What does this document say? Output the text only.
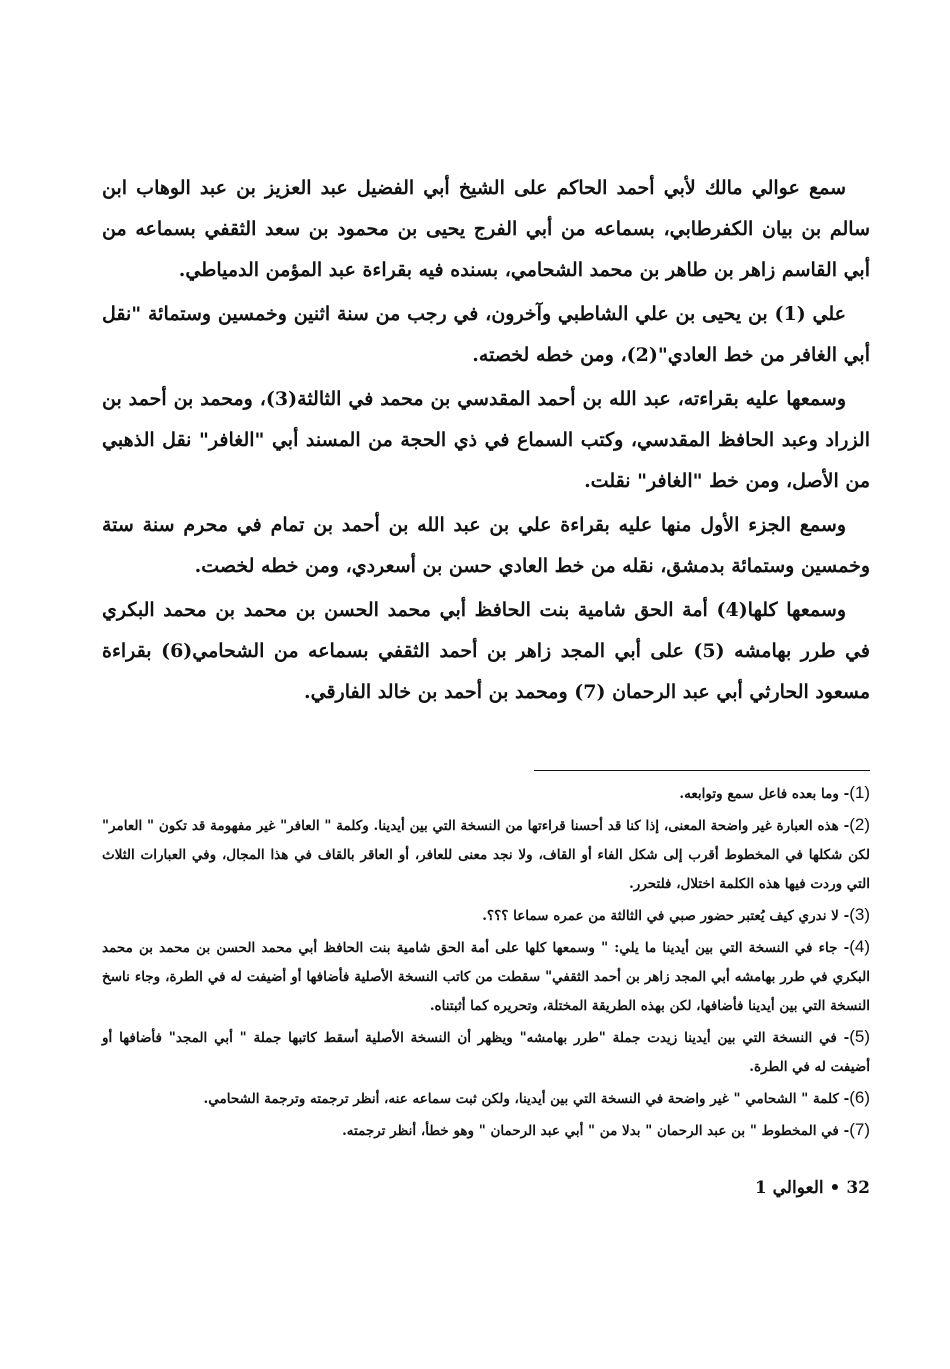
سمع عوالي مالك لأبي أحمد الحاكم على الشيخ أبي الفضيل عبد العزيز بن عبد الوهاب ابن سالم بن بيان الكفرطابي، بسماعه من أبي الفرج يحيى بن محمود بن سعد الثقفي بسماعه من أبي القاسم زاهر بن طاهر بن محمد الشحامي، بسنده فيه بقراءة عبد المؤمن الدمياطي.

علي (1) بن يحيى بن علي الشاطبي وآخرون، في رجب من سنة اثنين وخمسين وستمائة "نقل أبي الغافر من خط العادي"(2)، ومن خطه لخصته.

وسمعها عليه بقراءته، عبد الله بن أحمد المقدسي بن محمد في الثالثة(3)، ومحمد بن أحمد بن الزراد وعبد الحافظ المقدسي، وكتب السماع في ذي الحجة من المسند أبي "الغافر" نقل الذهبي من الأصل، ومن خط "الغافر" نقلت.

وسمع الجزء الأول منها عليه بقراءة علي بن عبد الله بن أحمد بن تمام في محرم سنة ستة وخمسين وستمائة بدمشق، نقله من خط العادي حسن بن أسعردي، ومن خطه لخصت.

وسمعها كلها(4) أمة الحق شامية بنت الحافظ أبي محمد الحسن بن محمد بن محمد البكري في طرر بهامشه (5) على أبي المجد زاهر بن أحمد الثقفي بسماعه من الشحامي(6) بقراءة مسعود الحارثي أبي عبد الرحمان (7) ومحمد بن أحمد بن خالد الفارقي.

(1)- وما بعده فاعل سمع وتوابعه.

(2)- هذه العبارة غير واضحة المعنى، إذا كنا قد أحسنا قراءتها من النسخة التي بين أيدينا. وكلمة " العافر" غير مفهومة قد تكون " العامر" لكن شكلها في المخطوط أقرب إلى شكل الفاء أو القاف، ولا نجد معنى للعافر، أو العاقر بالقاف في هذا المجال، وفي العبارات الثلاث التي وردت فيها هذه الكلمة اختلال، فلتحرر.

(3)- لا ندري كيف يُعتبر حضور صبي في الثالثة من عمره سماعا ؟؟؟.

(4)- جاء في النسخة التي بين أيدينا ما يلي: " وسمعها كلها على أمة الحق شامية بنت الحافظ أبي محمد الحسن بن محمد بن محمد البكري في طرر بهامشه أبي المجد زاهر بن أحمد الثقفي" سقطت من كاتب النسخة الأصلية فأضافها أو أضيفت له في الطرة، وجاء ناسخ النسخة التي بين أيدينا فأضافها، لكن بهذه الطريقة المختلة، وتحريره كما أثبتناه.

(5)- في النسخة التي بين أيدينا زيدت جملة "طرر بهامشه" ويظهر أن النسخة الأصلية أسقط كاتبها جملة " أبي المجد" فأضافها أو أضيفت له في الطرة.

(6)- كلمة " الشحامي " غير واضحة في النسخة التي بين أيدينا، ولكن ثبت سماعه عنه، أنظر ترجمته وترجمة الشحامي.

(7)- في المخطوط " بن عبد الرحمان " بدلا من " أبي عبد الرحمان " وهو خطأ، أنظر ترجمته.

32 • العوالي 1
